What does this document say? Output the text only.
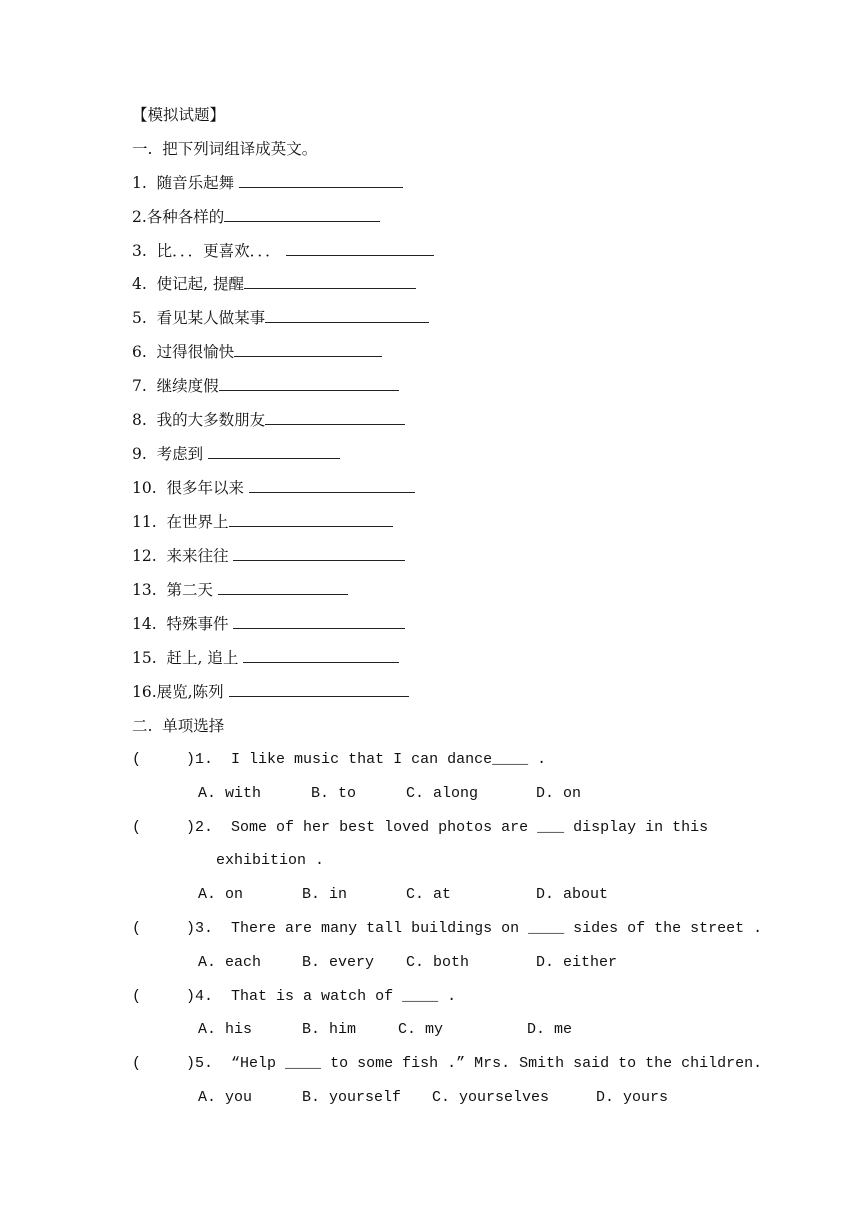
【模拟试题】
一.  把下列词组译成英文。
1. 随音乐起舞
2.各种各样的
3. 比．．．更喜欢．．．
4. 使记起, 提醒
5. 看见某人做某事
6. 过得很愉快
7. 继续度假
8. 我的大多数朋友
9. 考虑到
10. 很多年以来
11. 在世界上
12. 来来往往
13. 第二天
14. 特殊事件
15. 赶上, 追上
16.展览,陈列
二.  单项选择
(     )1. I like music that I can dance____ .

A. with

	B. to

	C. along

	D. on

(     )2. Some of her best loved photos are ___ display in this
exhibition .

A. on

	B. in

	C. at

	D. about

(     )3. There are many tall buildings on ____ sides of the street .

A. each

	B. every

C. both

	D. either

(     )4. That is a watch of ____ .

A. his

	B. him

	C. my

	D. me

(     )5. “Help ____ to some fish .” Mrs. Smith said to the children.

A. you

	B. yourself

C. yourselves

	D. yours
